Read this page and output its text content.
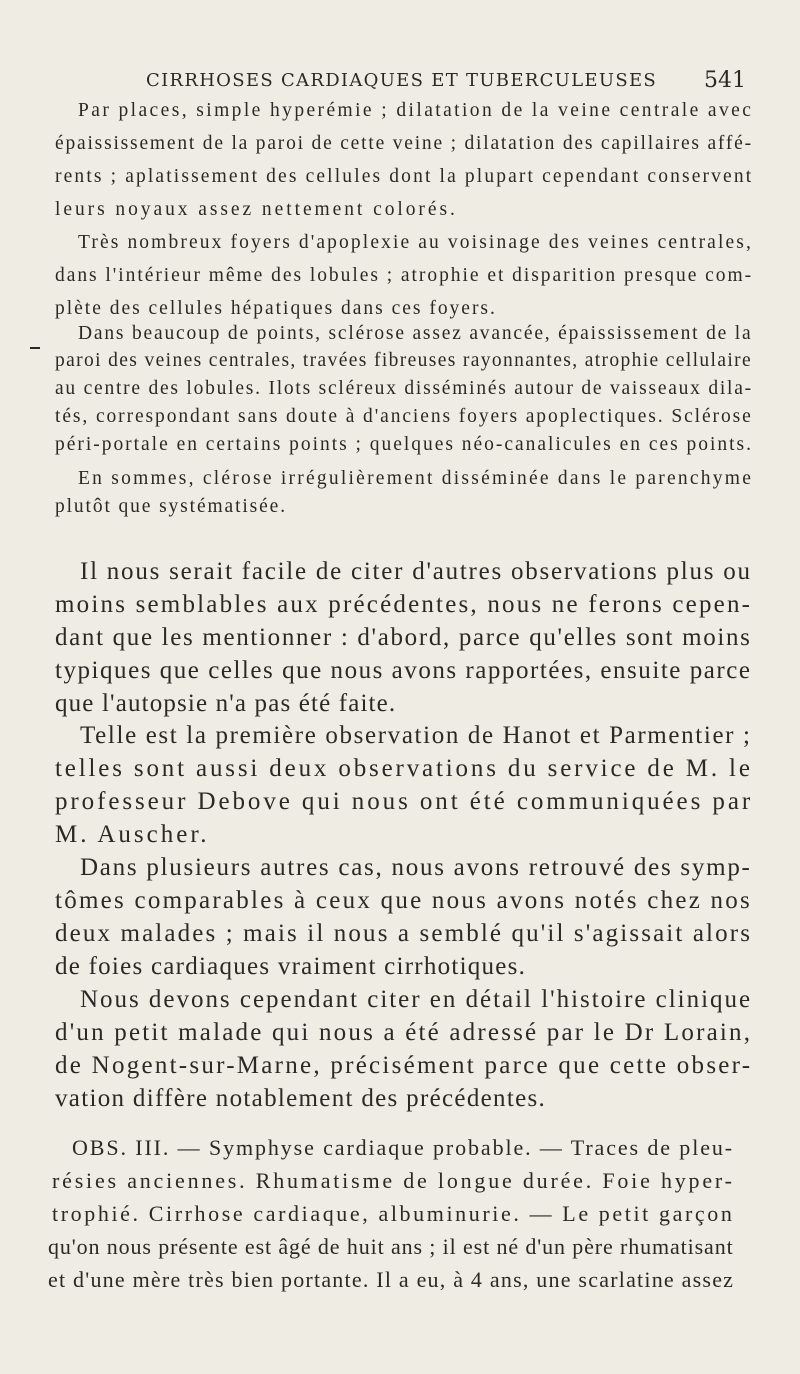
CIRRHOSES CARDIAQUES ET TUBERCULEUSES 541
Par places, simple hyperémie ; dilatation de la veine centrale avec
épaississement de la paroi de cette veine ; dilatation des capillaires affé-
rents ; aplatissement des cellules dont la plupart cependant conservent
leurs noyaux assez nettement colorés.
Très nombreux foyers d'apoplexie au voisinage des veines centrales,
dans l'intérieur même des lobules ; atrophie et disparition presque com-
plète des cellules hépatiques dans ces foyers.
Dans beaucoup de points, sclérose assez avancée, épaississement de la
paroi des veines centrales, travées fibreuses rayonnantes, atrophie cellulaire
au centre des lobules. Ilots scléreux disséminés autour de vaisseaux dila-
tés, correspondant sans doute à d'anciens foyers apoplectiques. Sclérose
péri-portale en certains points ; quelques néo-canalicules en ces points.
En sommes, clérose irrégulièrement disséminée dans le parenchyme
plutôt que systématisée.
Il nous serait facile de citer d'autres observations plus ou
moins semblables aux précédentes, nous ne ferons cepen-
dant que les mentionner : d'abord, parce qu'elles sont moins
typiques que celles que nous avons rapportées, ensuite parce
que l'autopsie n'a pas été faite.
Telle est la première observation de Hanot et Parmentier ;
telles sont aussi deux observations du service de M. le
professeur Debove qui nous ont été communiquées par
M. Auscher.
Dans plusieurs autres cas, nous avons retrouvé des symp-
tômes comparables à ceux que nous avons notés chez nos
deux malades ; mais il nous a semblé qu'il s'agissait alors
de foies cardiaques vraiment cirrhotiques.
Nous devons cependant citer en détail l'histoire clinique
d'un petit malade qui nous a été adressé par le Dr Lorain,
de Nogent-sur-Marne, précisément parce que cette obser-
vation diffère notablement des précédentes.
OBS. III. — Symphyse cardiaque probable. — Traces de pleu-
résies anciennes. Rhumatisme de longue durée. Foie hyper-
trophié. Cirrhose cardiaque, albuminurie. — Le petit garçon
qu'on nous présente est âgé de huit ans ; il est né d'un père rhumatisant
et d'une mère très bien portante. Il a eu, à 4 ans, une scarlatine assez
